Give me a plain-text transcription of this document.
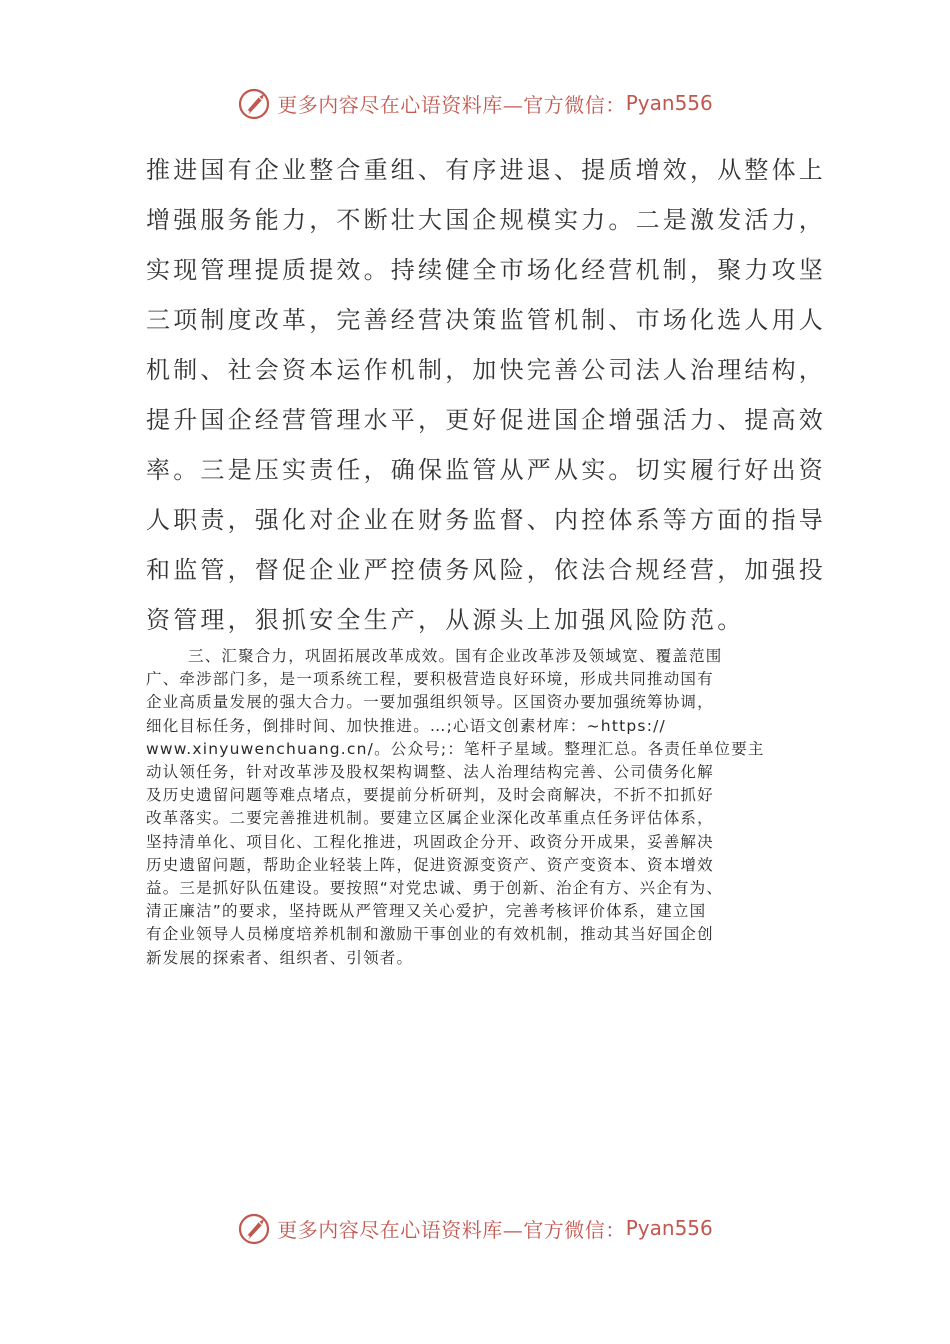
更多内容尽在心语资料库—官方微信： Pyan556
推进国有企业整合重组、有序进退、提质增效，从整体上
增强服务能力，不断壮大国企规模实力。二是激发活力，
实现管理提质提效。持续健全市场化经营机制，聚力攻坚
三项制度改革，完善经营决策监管机制、市场化选人用人
机制、社会资本运作机制，加快完善公司法人治理结构，
提升国企经营管理水平，更好促进国企增强活力、提高效
率。三是压实责任，确保监管从严从实。切实履行好出资
人职责，强化对企业在财务监督、内控体系等方面的指导
和监管，督促企业严控债务风险，依法合规经营，加强投
资管理，狠抓安全生产，从源头上加强风险防范。
三、汇聚合力，巩固拓展改革成效。国有企业改革涉及领域宽、覆盖范围
广、牵涉部门多，是一项系统工程，要积极营造良好环境，形成共同推动国有
企业高质量发展的强大合力。一要加强组织领导。区国资办要加强统筹协调，
细化目标任务，倒排时间、加快推进。…;心语文创素材库：~https://
www.xinyuwenchuang.cn/。公众号;：笔杆子星域。整理汇总。各责任单位要主
动认领任务，针对改革涉及股权架构调整、法人治理结构完善、公司债务化解
及历史遗留问题等难点堵点，要提前分析研判，及时会商解决，不折不扣抓好
改革落实。二要完善推进机制。要建立区属企业深化改革重点任务评估体系，
坚持清单化、项目化、工程化推进，巩固政企分开、政资分开成果，妥善解决
历史遗留问题，帮助企业轻装上阵，促进资源变资产、资产变资本、资本增效
益。三是抓好队伍建设。要按照“对党忠诚、勇于创新、治企有方、兴企有为、
清正廉洁”的要求，坚持既从严管理又关心爱护，完善考核评价体系，建立国
有企业领导人员梯度培养机制和激励干事创业的有效机制，推动其当好国企创
新发展的探索者、组织者、引领者。
更多内容尽在心语资料库—官方微信： Pyan556
